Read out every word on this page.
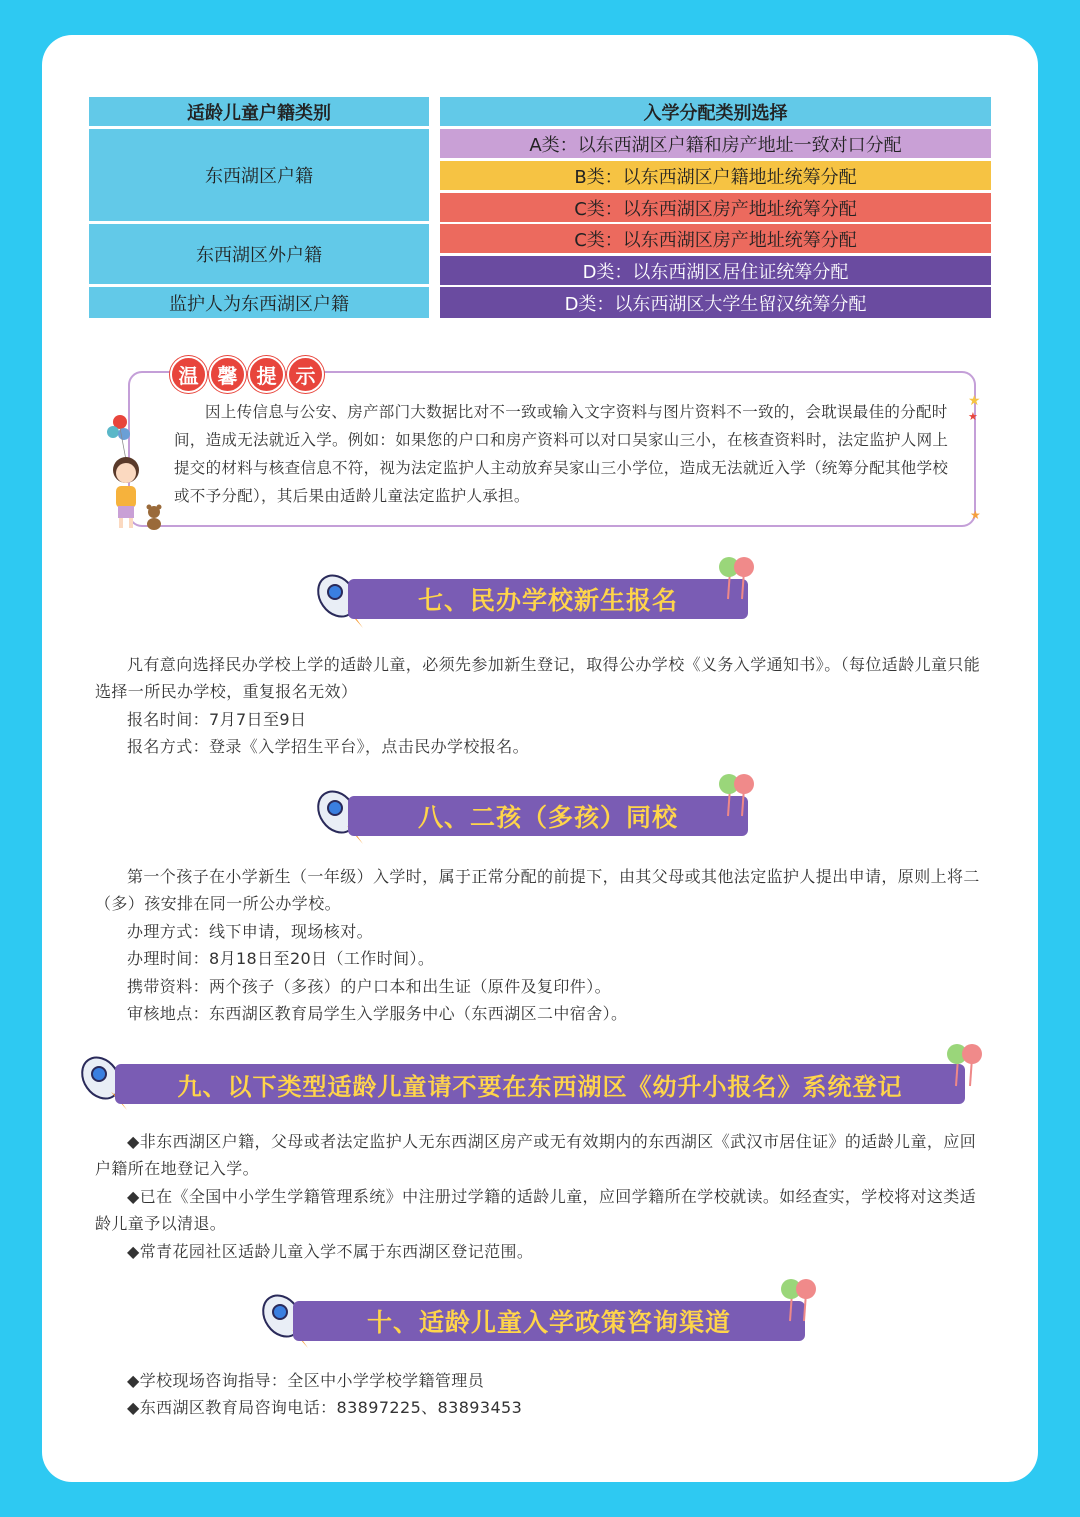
适龄儿童户籍类别	入学分配类别选择
东西湖区户籍
东西湖区外户籍
监护人为东西湖区户籍
A类：以东西湖区户籍和房产地址一致对口分配
B类：以东西湖区户籍地址统筹分配
C类：以东西湖区房产地址统筹分配
C类：以东西湖区房产地址统筹分配
D类：以东西湖区居住证统筹分配
D类：以东西湖区大学生留汉统筹分配
温 馨 提 示
因上传信息与公安、房产部门大数据比对不一致或输入文字资料与图片资料不一致的，会耽误最佳的分配时间，造成无法就近入学。例如：如果您的户口和房产资料可以对口吴家山三小，在核查资料时，法定监护人网上提交的材料与核查信息不符，视为法定监护人主动放弃吴家山三小学位，造成无法就近入学（统筹分配其他学校或不予分配），其后果由适龄儿童法定监护人承担。
★
★
★
七、民办学校新生报名

凡有意向选择民办学校上学的适龄儿童，必须先参加新生登记，取得公办学校《义务入学通知书》。（每位适龄儿童只能选择一所民办学校，重复报名无效）

报名时间：7月7日至9日

报名方式：登录《入学招生平台》，点击民办学校报名。

八、二孩（多孩）同校

第一个孩子在小学新生（一年级）入学时，属于正常分配的前提下，由其父母或其他法定监护人提出申请，原则上将二（多）孩安排在同一所公办学校。

办理方式：线下申请，现场核对。

办理时间：8月18日至20日（工作时间）。

携带资料：两个孩子（多孩）的户口本和出生证（原件及复印件）。

审核地点：东西湖区教育局学生入学服务中心（东西湖区二中宿舍）。

九、以下类型适龄儿童请不要在东西湖区《幼升小报名》系统登记

◆非东西湖区户籍，父母或者法定监护人无东西湖区房产或无有效期内的东西湖区《武汉市居住证》的适龄儿童，应回户籍所在地登记入学。

◆已在《全国中小学生学籍管理系统》中注册过学籍的适龄儿童，应回学籍所在学校就读。如经查实，学校将对这类适龄儿童予以清退。

◆常青花园社区适龄儿童入学不属于东西湖区登记范围。

十、适龄儿童入学政策咨询渠道

◆学校现场咨询指导：全区中小学学校学籍管理员

◆东西湖区教育局咨询电话：83897225、83893453
